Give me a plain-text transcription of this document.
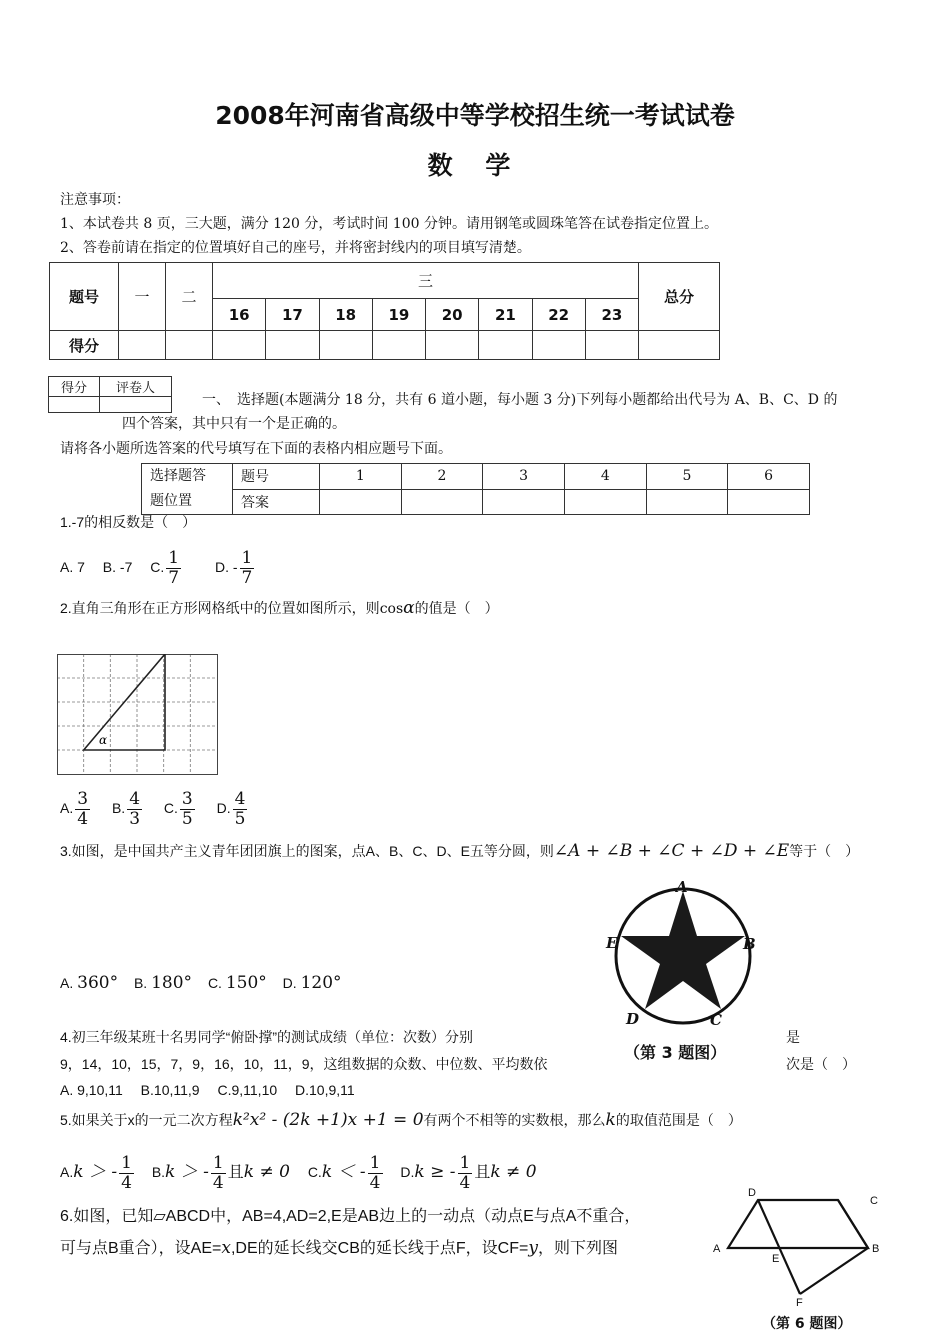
2008年河南省高级中等学校招生统一考试试卷
数 学
注意事项：
1、本试卷共 8 页，三大题，满分 120 分，考试时间 100 分钟。请用钢笔或圆珠笔答在试卷指定位置上。
2、答卷前请在指定的位置填好自己的座号，并将密封线内的项目填写清楚。
题号	一	二	三								总分
			16	17	18	19	20	21	22	23	
得分											
得分	评卷人

一、　选择题(本题满分 18 分，共有 6 道小题，每小题 3 分)下列每小题都给出代号为 A、B、C、D 的
四个答案，其中只有一个是正确的。
请将各小题所选答案的代号填写在下面的表格内相应题号下面。
选择题答
题位置	题号	1	2	3	4	5	6
	答案						
1.-7的相反数是（　）
A. 7 B. -7 C. $\frac{1}{7} D$. - $\frac{1}{7}$
2.直角三角形在正方形网格纸中的位置如图所示，则cosα的值是（　）
α
A. $\frac{3}{4} B$. $\frac{4}{3} C$. $\frac{3}{5} D$. $\frac{4}{5}$
3.如图，是中国共产主义青年团团旗上的图案，点A、B、C、D、E五等分圆，则∠A + ∠B + ∠C + ∠D + ∠E等于（　）
A. 360° B. 180° C. 150° D. 120°
A
B
C
D
E
（第 3 题图）
4.初三年级某班十名男同学“俯卧撑”的测试成绩（单位：次数）分别	是
9，14，10，15，7，9，16，10，11，9，这组数据的众数、中位数、平均数依	次是（　）
A. 9,10,11　 B.10,11,9　 C.9,11,10　 D.10,9,11
5.如果关于x的一元二次方程k²x² - (2k +1)x +1 = 0有两个不相等的实数根，那么k的取值范围是（　）
A.k ＞ - $\frac{1}{4} B.k$ ＞ - $\frac{1}{4}$ 且k ≠ 0 C.k ＜ - $\frac{1}{4} D.k$ ≥ - $\frac{1}{4}$ 且k ≠ 0
6.如图，已知▱ABCD中，AB=4,AD=2,E是AB边上的一动点（动点E与点A不重合，
可与点B重合），设AE=x,DE的延长线交CB的延长线于点F，设CF=y，则下列图	A	B
C
D
E
F
（第 6 题图）
